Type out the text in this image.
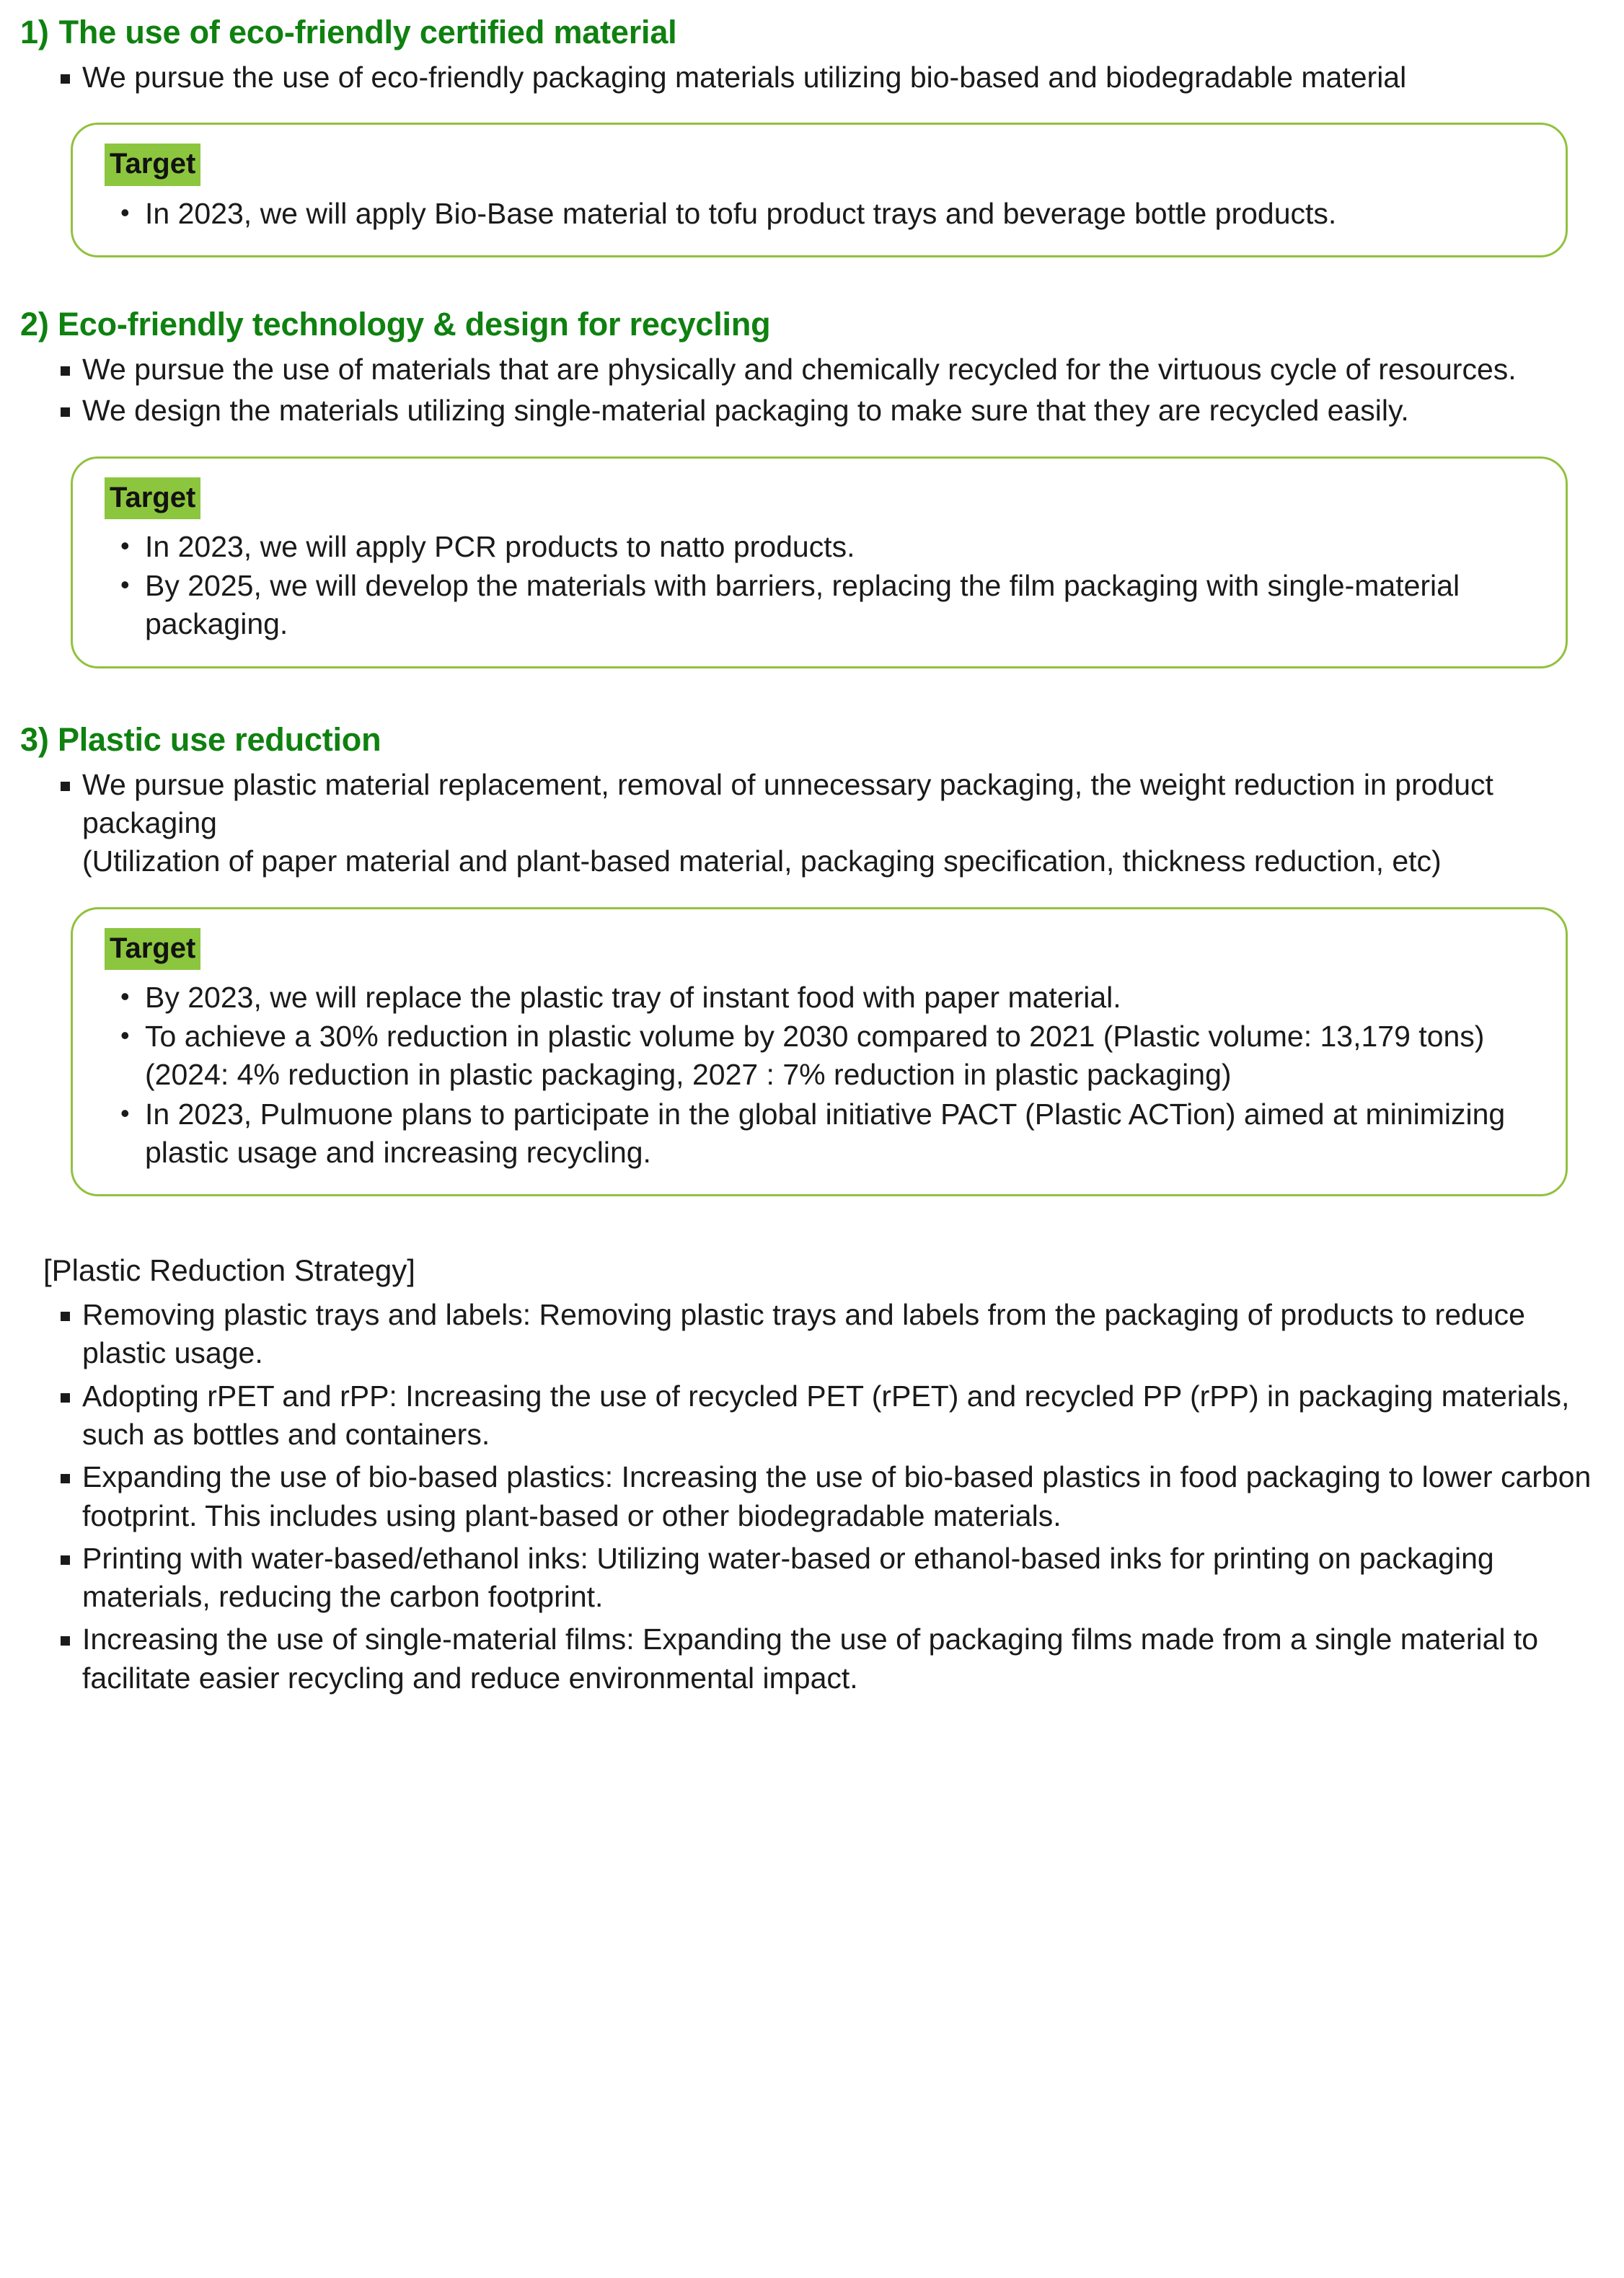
1) The use of eco-friendly certified material
We pursue the use of eco-friendly packaging materials utilizing bio-based and biodegradable material
Target
• In 2023, we will apply Bio-Base material to tofu product trays and beverage bottle products.
2) Eco-friendly technology & design for recycling
We pursue the use of materials that are physically and chemically recycled for the virtuous cycle of resources.
We design the materials utilizing single-material packaging to make sure that they are recycled easily.
Target
• In 2023, we will apply PCR products to natto products.
• By 2025, we will develop the materials with barriers, replacing the film packaging with single-material packaging.
3) Plastic use reduction
We pursue plastic material replacement, removal of unnecessary packaging, the weight reduction in product packaging

(Utilization of paper material and plant-based material, packaging specification, thickness reduction, etc)
Target
• By 2023, we will replace the plastic tray of instant food with paper material.
• To achieve a 30% reduction in plastic volume by 2030 compared to 2021 (Plastic volume: 13,179 tons)

(2024: 4% reduction in plastic packaging, 2027 : 7% reduction in plastic packaging)
• In 2023, Pulmuone plans to participate in the global initiative PACT (Plastic ACTion) aimed at minimizing plastic usage and increasing recycling.
[Plastic Reduction Strategy]
Removing plastic trays and labels: Removing plastic trays and labels from the packaging of products to reduce plastic usage.
Adopting rPET and rPP: Increasing the use of recycled PET (rPET) and recycled PP (rPP) in packaging materials, such as bottles and containers.
Expanding the use of bio-based plastics: Increasing the use of bio-based plastics in food packaging to lower carbon footprint. This includes using plant-based or other biodegradable materials.
Printing with water-based/ethanol inks: Utilizing water-based or ethanol-based inks for printing on packaging materials, reducing the carbon footprint.
Increasing the use of single-material films: Expanding the use of packaging films made from a single material to facilitate easier recycling and reduce environmental impact.
